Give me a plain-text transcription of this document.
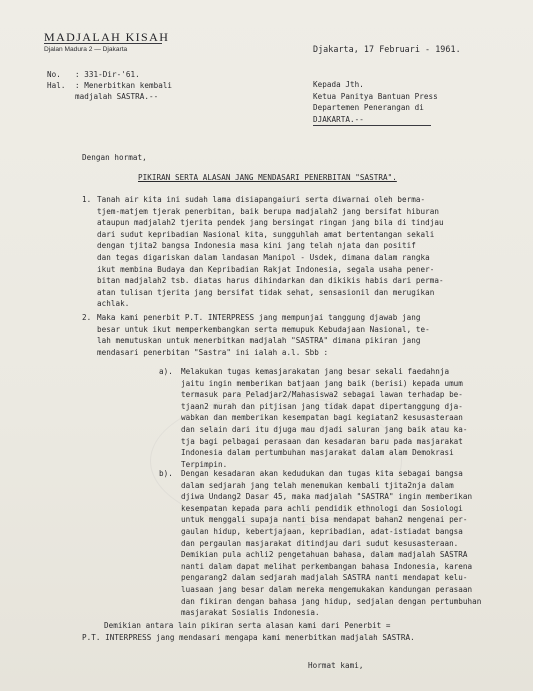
MADJALAH KISAH
Djalan Madura 2 — Djakarta	Djakarta, 17 Februari - 1961.
No. : 331-Dir-'61.
Hal. : Menerbitkan kembali
madjalah SASTRA.--
Kepada Jth.
Ketua Panitya Bantuan Press
Departemen Penerangan di
DJAKARTA.--
Dengan hormat,
PIKIRAN SERTA ALASAN JANG MENDASARI PENERBITAN "SASTRA".
1. Tanah air kita ini sudah lama disiapangaiuri serta diwarnai oleh berma-
tjem-matjem tjerak penerbitan, baik berupa madjalah2 jang bersifat hiburan
ataupun madjalah2 tjerita pendek jang bersingat ringan jang bila di tindjau
dari sudut kepribadian Nasional kita, sungguhlah amat bertentangan sekali
dengan tjita2 bangsa Indonesia masa kini jang telah njata dan positif
dan tegas digariskan dalam landasan Manipol - Usdek, dimana dalam rangka
ikut membina Budaya dan Kepribadian Rakjat Indonesia, segala usaha pener-
bitan madjalah2 tsb. diatas harus dihindarkan dan dikikis habis dari perma-
atan tulisan tjerita jang bersifat tidak sehat, sensasionil dan merugikan
achlak.
2. Maka kami penerbit P.T. INTERPRESS jang mempunjai tanggung djawab jang
besar untuk ikut memperkembangkan serta memupuk Kebudajaan Nasional, te-
lah memutuskan untuk menerbitkan madjalah "SASTRA" dimana pikiran jang
mendasari penerbitan "Sastra" ini ialah a.l. Sbb :
a). Melakukan tugas kemasjarakatan jang besar sekali faedahnja
jaitu ingin memberikan batjaan jang baik (berisi) kepada umum
termasuk para Peladjar2/Mahasiswa2 sebagai lawan terhadap be-
tjaan2 murah dan pitjisan jang tidak dapat dipertanggung dja-
wabkan dan memberikan kesempatan bagi kegiatan2 kesusasteraan
dan selain dari itu djuga mau djadi saluran jang baik atau ka-
tja bagi pelbagai perasaan dan kesadaran baru pada masjarakat
Indonesia dalam pertumbuhan masjarakat dalam alam Demokrasi
Terpimpin.
b). Dengan kesadaran akan kedudukan dan tugas kita sebagai bangsa
dalam sedjarah jang telah menemukan kembali tjita2nja dalam
djiwa Undang2 Dasar 45, maka madjalah "SASTRA" ingin memberikan
kesempatan kepada para achli pendidik ethnologi dan Sosiologi
untuk menggali supaja nanti bisa mendapat bahan2 mengenai per-
gaulan hidup, kebertjajaan, kepribadian, adat-istiadat bangsa
dan pergaulan masjarakat ditindjau dari sudut kesusasteraan.
Demikian pula achli2 pengetahuan bahasa, dalam madjalah SASTRA
nanti dalam dapat melihat perkembangan bahasa Indonesia, karena
pengarang2 dalam sedjarah madjalah SASTRA nanti mendapat kelu-
luasaan jang besar dalam mereka mengemukakan kandungan perasaan
dan fikiran dengan bahasa jang hidup, sedjalan dengan pertumbuhan
masjarakat Sosialis Indonesia.
Demikian antara lain pikiran serta alasan kami dari Penerbit =
P.T. INTERPRESS jang mendasari mengapa kami menerbitkan madjalah SASTRA.
Hormat kami,
